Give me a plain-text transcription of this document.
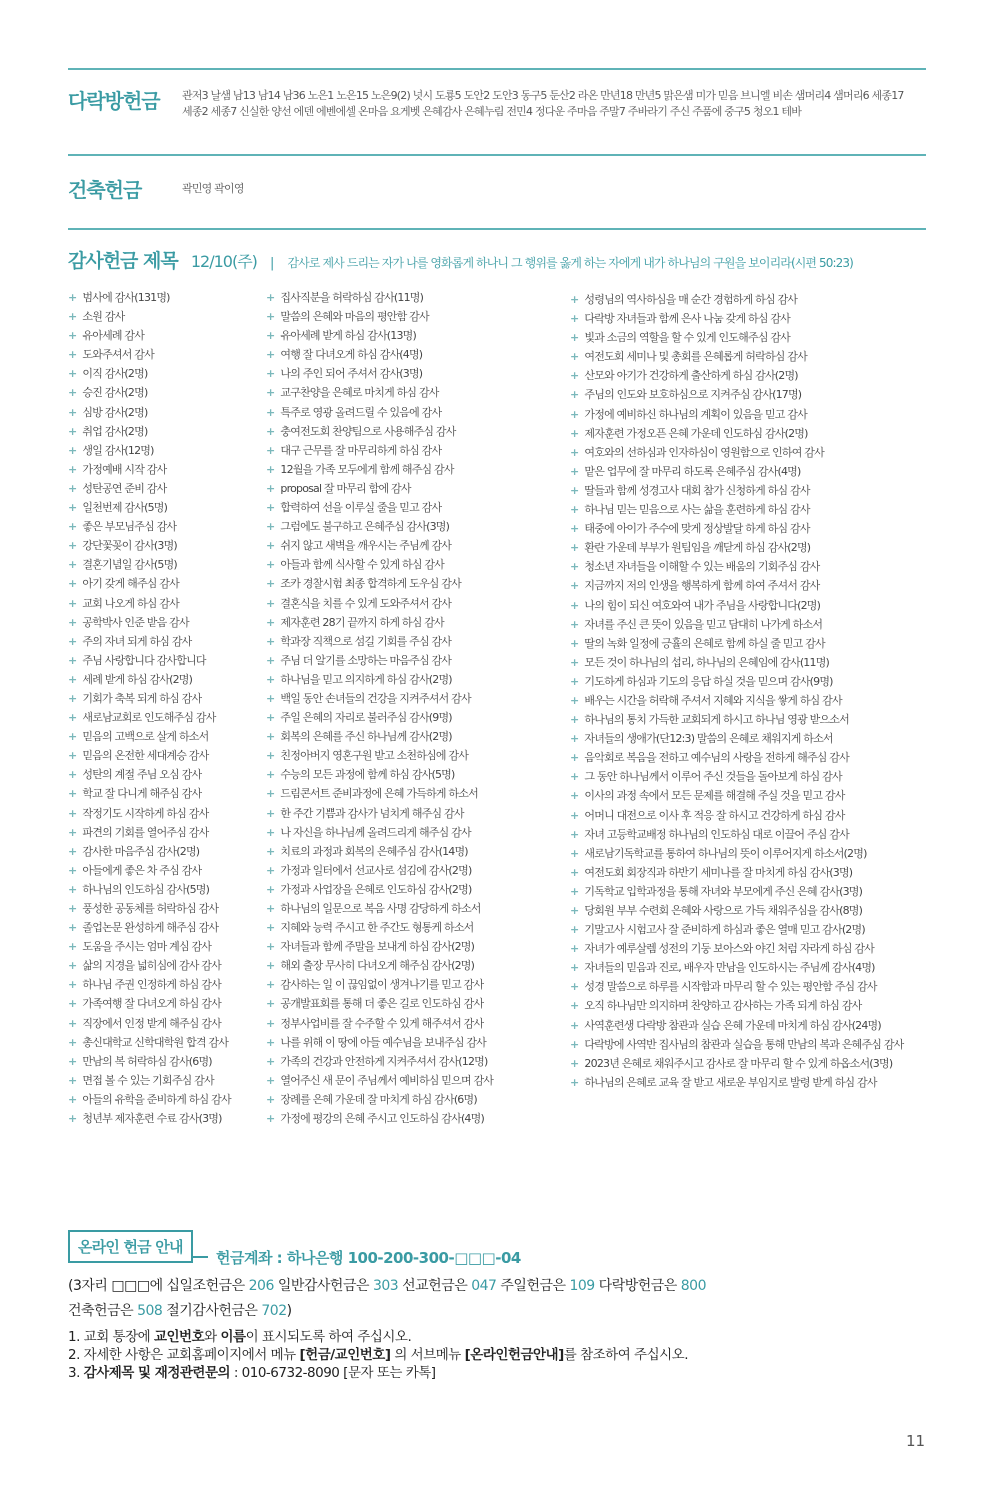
다락방헌금 관저3 날샘 남13 남14 남36 노은1 노은15 노은9(2) 넛시 도룡5 도안2 도안3 동구5 둔산2 라온 만년18 만년5 맑은샘 미가 믿음 브니엘 비손 샘머리4 샘머리6 세종17
세종2 세종7 신실한 양선 에덴 에벤에셀 온마음 요게벳 은혜감사 은혜누림 전민4 정다운 주마음 주말7 주바라기 주신 주품에 중구5 청오1 테바
건축헌금	곽민영 곽이영
감사헌금 제목 12/10(주) | 감사로 제사 드리는 자가 나를 영화롭게 하나니 그 행위를 옳게 하는 자에게 내가 하나님의 구원을 보이리라(시편 50:23)
+ 범사에 감사(131명)
+ 소원 감사
+ 유아세례 감사
+ 도와주셔서 감사
+ 이직 감사(2명)
+ 승진 감사(2명)
+ 심방 감사(2명)
+ 취업 감사(2명)
+ 생일 감사(12명)
+ 가정예배 시작 감사
+ 성탄공연 준비 감사
+ 일천번제 감사(5명)
+ 좋은 부모님주심 감사
+ 강단꽃꽂이 감사(3명)
+ 결혼기념일 감사(5명)
+ 아기 갖게 해주심 감사
+ 교회 나오게 하심 감사
+ 공학박사 인준 받음 감사
+ 주의 자녀 되게 하심 감사
+ 주님 사랑합니다 감사합니다
+ 세례 받게 하심 감사(2명)
+ 기회가 축복 되게 하심 감사
+ 새로남교회로 인도해주심 감사
+ 믿음의 고백으로 살게 하소서
+ 믿음의 온전한 세대계승 감사
+ 성탄의 계절 주님 오심 감사
+ 학교 잘 다니게 해주심 감사
+ 작정기도 시작하게 하심 감사
+ 파견의 기회를 열어주심 감사
+ 감사한 마음주심 감사(2명)
+ 아들에게 좋은 차 주심 감사
+ 하나님의 인도하심 감사(5명)
+ 풍성한 공동체를 허락하심 감사
+ 졸업논문 완성하게 해주심 감사
+ 도움을 주시는 엄마 계심 감사
+ 삶의 지경을 넓히심에 감사 감사
+ 하나님 주권 인정하게 하심 감사
+ 가족여행 잘 다녀오게 하심 감사
+ 직장에서 인정 받게 해주심 감사
+ 총신대학교 신학대학원 합격 감사
+ 만남의 복 허락하심 감사(6명)
+ 면접 볼 수 있는 기회주심 감사
+ 아들의 유학을 준비하게 하심 감사
+ 청년부 제자훈련 수료 감사(3명)
+ 집사직분을 허락하심 감사(11명)
+ 말씀의 은혜와 마음의 평안함 감사
+ 유아세례 받게 하심 감사(13명)
+ 여행 잘 다녀오게 하심 감사(4명)
+ 나의 주인 되어 주셔서 감사(3명)
+ 교구찬양을 은혜로 마치게 하심 감사
+ 특주로 영광 올려드릴 수 있음에 감사
+ 충여전도회 찬양팀으로 사용해주심 감사
+ 대구 근무를 잘 마무리하게 하심 감사
+ 12월을 가족 모두에게 함께 해주심 감사
+ proposal 잘 마무리 함에 감사
+ 합력하여 선을 이루실 줄을 믿고 감사
+ 그럼에도 불구하고 은혜주심 감사(3명)
+ 쉬지 않고 새벽을 깨우시는 주님께 감사
+ 아들과 함께 식사할 수 있게 하심 감사
+ 조카 경찰시험 최종 합격하게 도우심 감사
+ 결혼식을 치를 수 있게 도와주셔서 감사
+ 제자훈련 28기 끝까지 하게 하심 감사
+ 학과장 직책으로 섬길 기회를 주심 감사
+ 주님 더 알기를 소망하는 마음주심 감사
+ 하나님을 믿고 의지하게 하심 감사(2명)
+ 백일 동안 손녀들의 건강을 지켜주셔서 감사
+ 주일 은혜의 자리로 불러주심 감사(9명)
+ 회복의 은혜를 주신 하나님께 감사(2명)
+ 친정아버지 영혼구원 받고 소천하심에 감사
+ 수능의 모든 과정에 함께 하심 감사(5명)
+ 드림콘서트 준비과정에 은혜 가득하게 하소서
+ 한 주간 기쁨과 감사가 넘치게 해주심 감사
+ 나 자신을 하나님께 올려드리게 해주심 감사
+ 치료의 과정과 회복의 은혜주심 감사(14명)
+ 가정과 일터에서 선교사로 섬김에 감사(2명)
+ 가정과 사업장을 은혜로 인도하심 감사(2명)
+ 하나님의 일문으로 복음 사명 감당하게 하소서
+ 지혜와 능력 주시고 한 주간도 형통케 하소서
+ 자녀들과 함께 주말을 보내게 하심 감사(2명)
+ 해외 출장 무사히 다녀오게 해주심 감사(2명)
+ 감사하는 일 이 끊임없이 생겨나기를 믿고 감사
+ 공개발표회를 통해 더 좋은 길로 인도하심 감사
+ 정부사업비를 잘 수주할 수 있게 해주셔서 감사
+ 나를 위해 이 땅에 아들 예수님을 보내주심 감사
+ 가족의 건강과 안전하게 지켜주셔서 감사(12명)
+ 열어주신 새 문이 주님께서 예비하심 믿으며 감사
+ 장례를 은혜 가운데 잘 마치게 하심 감사(6명)
+ 가정에 평강의 은혜 주시고 인도하심 감사(4명)
+ 성령님의 역사하심을 매 순간 경험하게 하심 감사
+ 다락방 자녀들과 함께 은사 나눔 갖게 하심 감사
+ 빛과 소금의 역할을 할 수 있게 인도해주심 감사
+ 여전도회 세미나 및 총회를 은혜롭게 허락하심 감사
+ 산모와 아기가 건강하게 출산하게 하심 감사(2명)
+ 주님의 인도와 보호하심으로 지켜주심 감사(17명)
+ 가정에 예비하신 하나님의 계획이 있음을 믿고 감사
+ 제자훈련 가정오픈 은혜 가운데 인도하심 감사(2명)
+ 여호와의 선하심과 인자하심이 영원함으로 인하여 감사
+ 맡은 업무에 잘 마무리 하도록 은혜주심 감사(4명)
+ 딸들과 함께 성경고사 대회 참가 신청하게 하심 감사
+ 하나님 믿는 믿음으로 사는 삶을 훈련하게 하심 감사
+ 태중에 아이가 주수에 맞게 정상발달 하게 하심 감사
+ 환란 가운데 부부가 원팀임을 깨닫게 하심 감사(2명)
+ 청소년 자녀들을 이해할 수 있는 배움의 기회주심 감사
+ 지금까지 저의 인생을 행복하게 함께 하여 주셔서 감사
+ 나의 힘이 되신 여호와여 내가 주님을 사랑합니다(2명)
+ 자녀를 주신 큰 뜻이 있음을 믿고 담대히 나가게 하소서
+ 딸의 녹화 일정에 긍휼의 은혜로 함께 하실 줄 믿고 감사
+ 모든 것이 하나님의 섭리, 하나님의 은혜임에 감사(11명)
+ 기도하게 하심과 기도의 응답 하실 것을 믿으며 감사(9명)
+ 배우는 시간을 허락해 주셔서 지혜와 지식을 쌓게 하심 감사
+ 하나님의 통치 가득한 교회되게 하시고 하나님 영광 받으소서
+ 자녀들의 생애가(단12:3) 말씀의 은혜로 채워지게 하소서
+ 음악회로 복음을 전하고 예수님의 사랑을 전하게 해주심 감사
+ 그 동안 하나님께서 이루어 주신 것들을 돌아보게 하심 감사
+ 이사의 과정 속에서 모든 문제를 해결해 주실 것을 믿고 감사
+ 어머니 대전으로 이사 후 적응 잘 하시고 건강하게 하심 감사
+ 자녀 고등학교배정 하나님의 인도하심 대로 이끌어 주심 감사
+ 새로남기독학교를 통하여 하나님의 뜻이 이루어지게 하소서(2명)
+ 여전도회 회장직과 하반기 세미나를 잘 마치게 하심 감사(3명)
+ 기독학교 입학과정을 통해 자녀와 부모에게 주신 은혜 감사(3명)
+ 당회원 부부 수련회 은혜와 사랑으로 가득 채워주심을 감사(8명)
+ 기말고사 시험고사 잘 준비하게 하심과 좋은 열매 믿고 감사(2명)
+ 자녀가 예루살렘 성전의 기둥 보아스와 야긴 처럼 자라게 하심 감사
+ 자녀들의 믿음과 진로, 배우자 만남을 인도하시는 주님께 감사(4명)
+ 성경 말씀으로 하루를 시작함과 마무리 할 수 있는 평안함 주심 감사
+ 오직 하나님만 의지하며 찬양하고 감사하는 가족 되게 하심 감사
+ 사역훈련생 다락방 참관과 실습 은혜 가운데 마치게 하심 감사(24명)
+ 다락방에 사역반 집사님의 참관과 실습을 통해 만남의 복과 은혜주심 감사
+ 2023년 은혜로 채워주시고 감사로 잘 마무리 할 수 있게 하옵소서(3명)
+ 하나님의 은혜로 교육 잘 받고 새로운 부임지로 발령 받게 하심 감사
온라인 헌금 안내
헌금계좌 : 하나은행 100-200-300-□□□-04
(3자리 □□□에 십일조헌금은 206 일반감사헌금은 303 선교헌금은 047 주일헌금은 109 다락방헌금은 800
건축헌금은 508 절기감사헌금은 702)
1. 교회 통장에 교인번호와 이름이 표시되도록 하여 주십시오.
2. 자세한 사항은 교회홈페이지에서 메뉴 [헌금/교인번호] 의 서브메뉴 [온라인헌금안내]를 참조하여 주십시오.
3. 감사제목 및 재정관련문의 : 010-6732-8090 [문자 또는 카톡]
11
